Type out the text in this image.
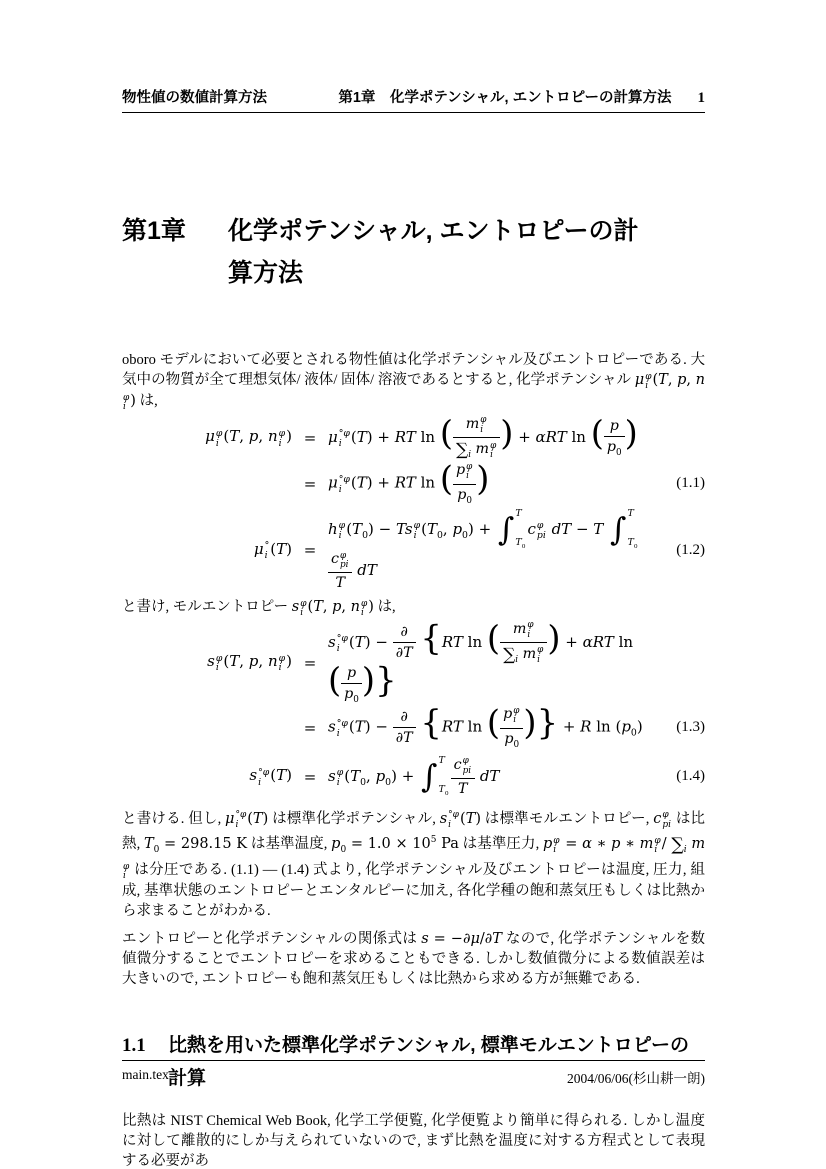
物性値の数値計算方法	第1章　化学ポテンシャル, エントロピーの計算方法 1
第1章	化学ポテンシャル, エントロピーの計
算方法

oboro モデルにおいて必要とされる物性値は化学ポテンシャル及びエントロピーである. 大気中の物質が全て理想気体/ 液体/ 固体/ 溶液であるとすると, 化学ポテンシャル μ φ
i (T, p, n
φ
i ) は,

μ φ
i (T, p, n φ
i ) = μ °φ
i (T) + RT ln ( m φ
i
$\sum_i$ m φ
i ) + αRT ln ( $\frac{p}{p_0}$ )
= μ °φ
i (T) + RT ln ( p φ
i
$p_0$ )	(1.1)
μ °
i (T) =
h φ
i $(T_0) - Ts$ φ
i ($T_0$, $p_0$) + ∫ T
$T_0$
c φ
pi dT − T ∫ T
$T_0$
c φ
pi
T dT
(1.2)

と書け, モルエントロピー s φ
i (T, p, n φ
i ) は,

s φ
i (T, p, n φ
i ) =
s °φ
i $(T) - \frac{\partial}{\partial T} \{RT$ ln ( m φ
i
$\sum_i$ m φ
i ) + αRT ln ( $\frac{p}{p_0}$ )}
= s °φ
i $(T) - \frac{\partial}{\partial T} \{RT$ ln ( p φ
i
$p_0$ )} + R $\ln (p_0)$	(1.3)
s °φ
i (T) = s φ
i ($T_0$, $p_0$) + ∫ T
$T_0$ c φ
pi
T dT	(1.4)

と書ける. 但し, μ °φ
i (T) は標準化学ポテンシャル, s °φ
i (T) は標準モルエントロピー, c φ
pi は比熱, $T_0 = 298.15$ K は基準温度, $p_0 = 1.0 \times 10^5$ Pa は基準圧力, p φ
i = α ∗ p ∗ m φ
i / $\sum_i$ m
φ
i は分圧である. (1.1) — (1.4) 式より, 化学ポテンシャル及びエントロピーは温度, 圧力, 組成, 基準状態のエントロピーとエンタルピーに加え, 各化学種の飽和蒸気圧もしくは比熱から求まることがわかる.

エントロピーと化学ポテンシャルの関係式は s = −∂μ/∂T なので, 化学ポテンシャルを数値微分することでエントロピーを求めることもできる. しかし数値微分による数値誤差は大きいので, エントロピーも飽和蒸気圧もしくは比熱から求める方が無難である.

1.1	比熱を用いた標準化学ポテンシャル, 標準モルエントロピーの
計算

比熱は NIST Chemical Web Book, 化学工学便覧, 化学便覧より簡単に得られる. しかし温度に対して離散的にしか与えられていないので, まず比熱を温度に対する方程式として表現する必要があ

main.tex	2004/06/06(杉山耕一朗)
